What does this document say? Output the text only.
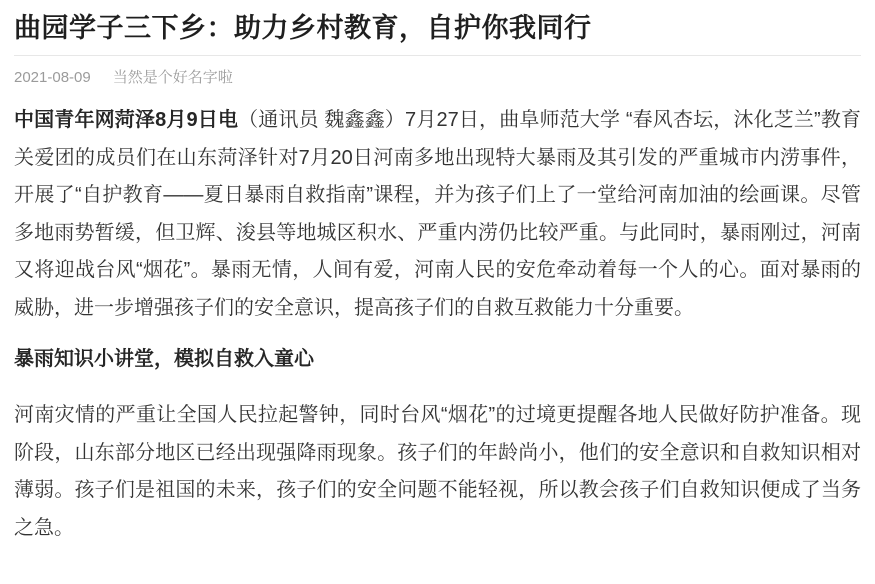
曲园学子三下乡：助力乡村教育，自护你我同行
2021-08-09 当然是个好名字啦

中国青年网菏泽8月9日电（通讯员 魏鑫鑫）7月27日，曲阜师范大学 “春风杏坛，沐化芝兰”教育关爱团的成员们在山东菏泽针对7月20日河南多地出现特大暴雨及其引发的严重城市内涝事件，开展了“自护教育——夏日暴雨自救指南”课程，并为孩子们上了一堂给河南加油的绘画课。尽管多地雨势暂缓，但卫辉、浚县等地城区积水、严重内涝仍比较严重。与此同时，暴雨刚过，河南又将迎战台风“烟花”。暴雨无情，人间有爱，河南人民的安危牵动着每一个人的心。面对暴雨的威胁，进一步增强孩子们的安全意识，提高孩子们的自救互救能力十分重要。

暴雨知识小讲堂，模拟自救入童心

河南灾情的严重让全国人民拉起警钟，同时台风“烟花”的过境更提醒各地人民做好防护准备。现阶段，山东部分地区已经出现强降雨现象。孩子们的年龄尚小，他们的安全意识和自救知识相对薄弱。孩子们是祖国的未来，孩子们的安全问题不能轻视，所以教会孩子们自救知识便成了当务之急。
